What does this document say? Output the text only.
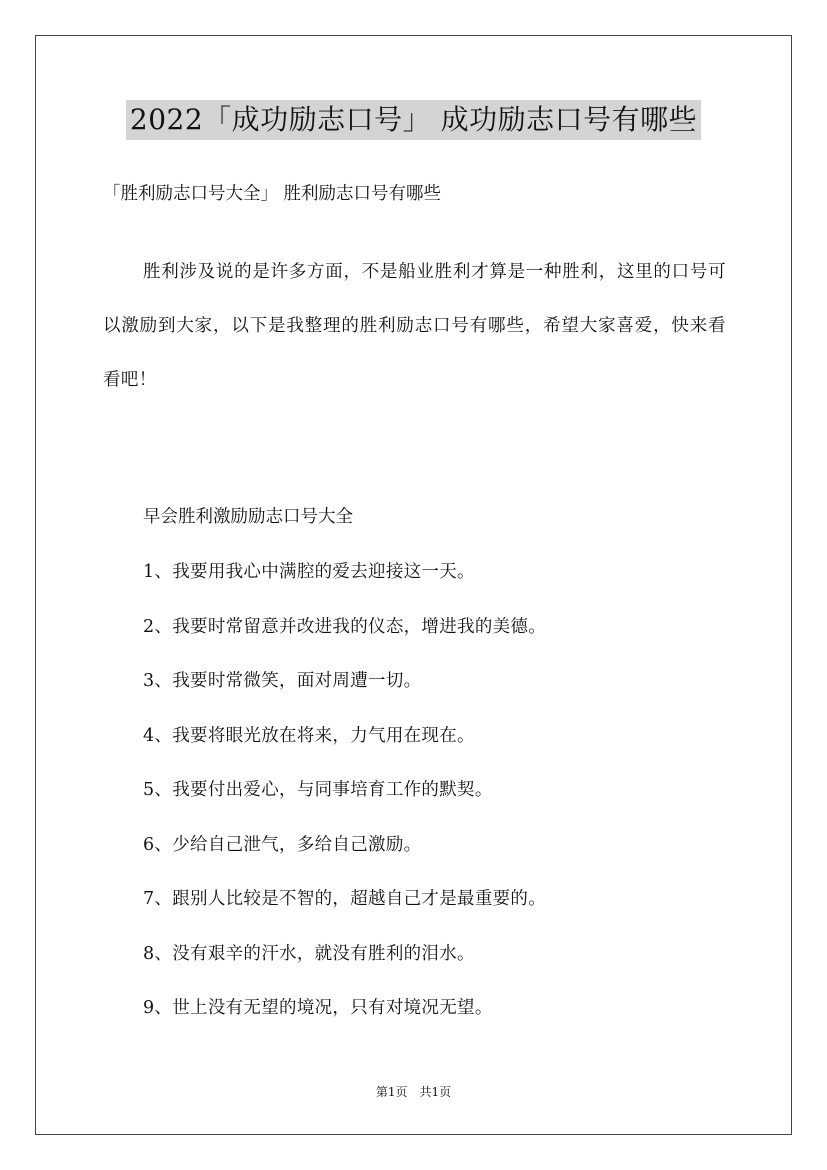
2022「成功励志口号」 成功励志口号有哪些
「胜利励志口号大全」 胜利励志口号有哪些

胜利涉及说的是许多方面，不是船业胜利才算是一种胜利，这里的口号可以激励到大家，以下是我整理的胜利励志口号有哪些，希望大家喜爱，快来看看吧！

早会胜利激励励志口号大全
1、我要用我心中满腔的爱去迎接这一天。
2、我要时常留意并改进我的仪态，增进我的美德。
3、我要时常微笑，面对周遭一切。
4、我要将眼光放在将来，力气用在现在。
5、我要付出爱心，与同事培育工作的默契。
6、少给自己泄气，多给自己激励。
7、跟别人比较是不智的，超越自己才是最重要的。
8、没有艰辛的汗水，就没有胜利的泪水。
9、世上没有无望的境况，只有对境况无望。
第1页　共1页
